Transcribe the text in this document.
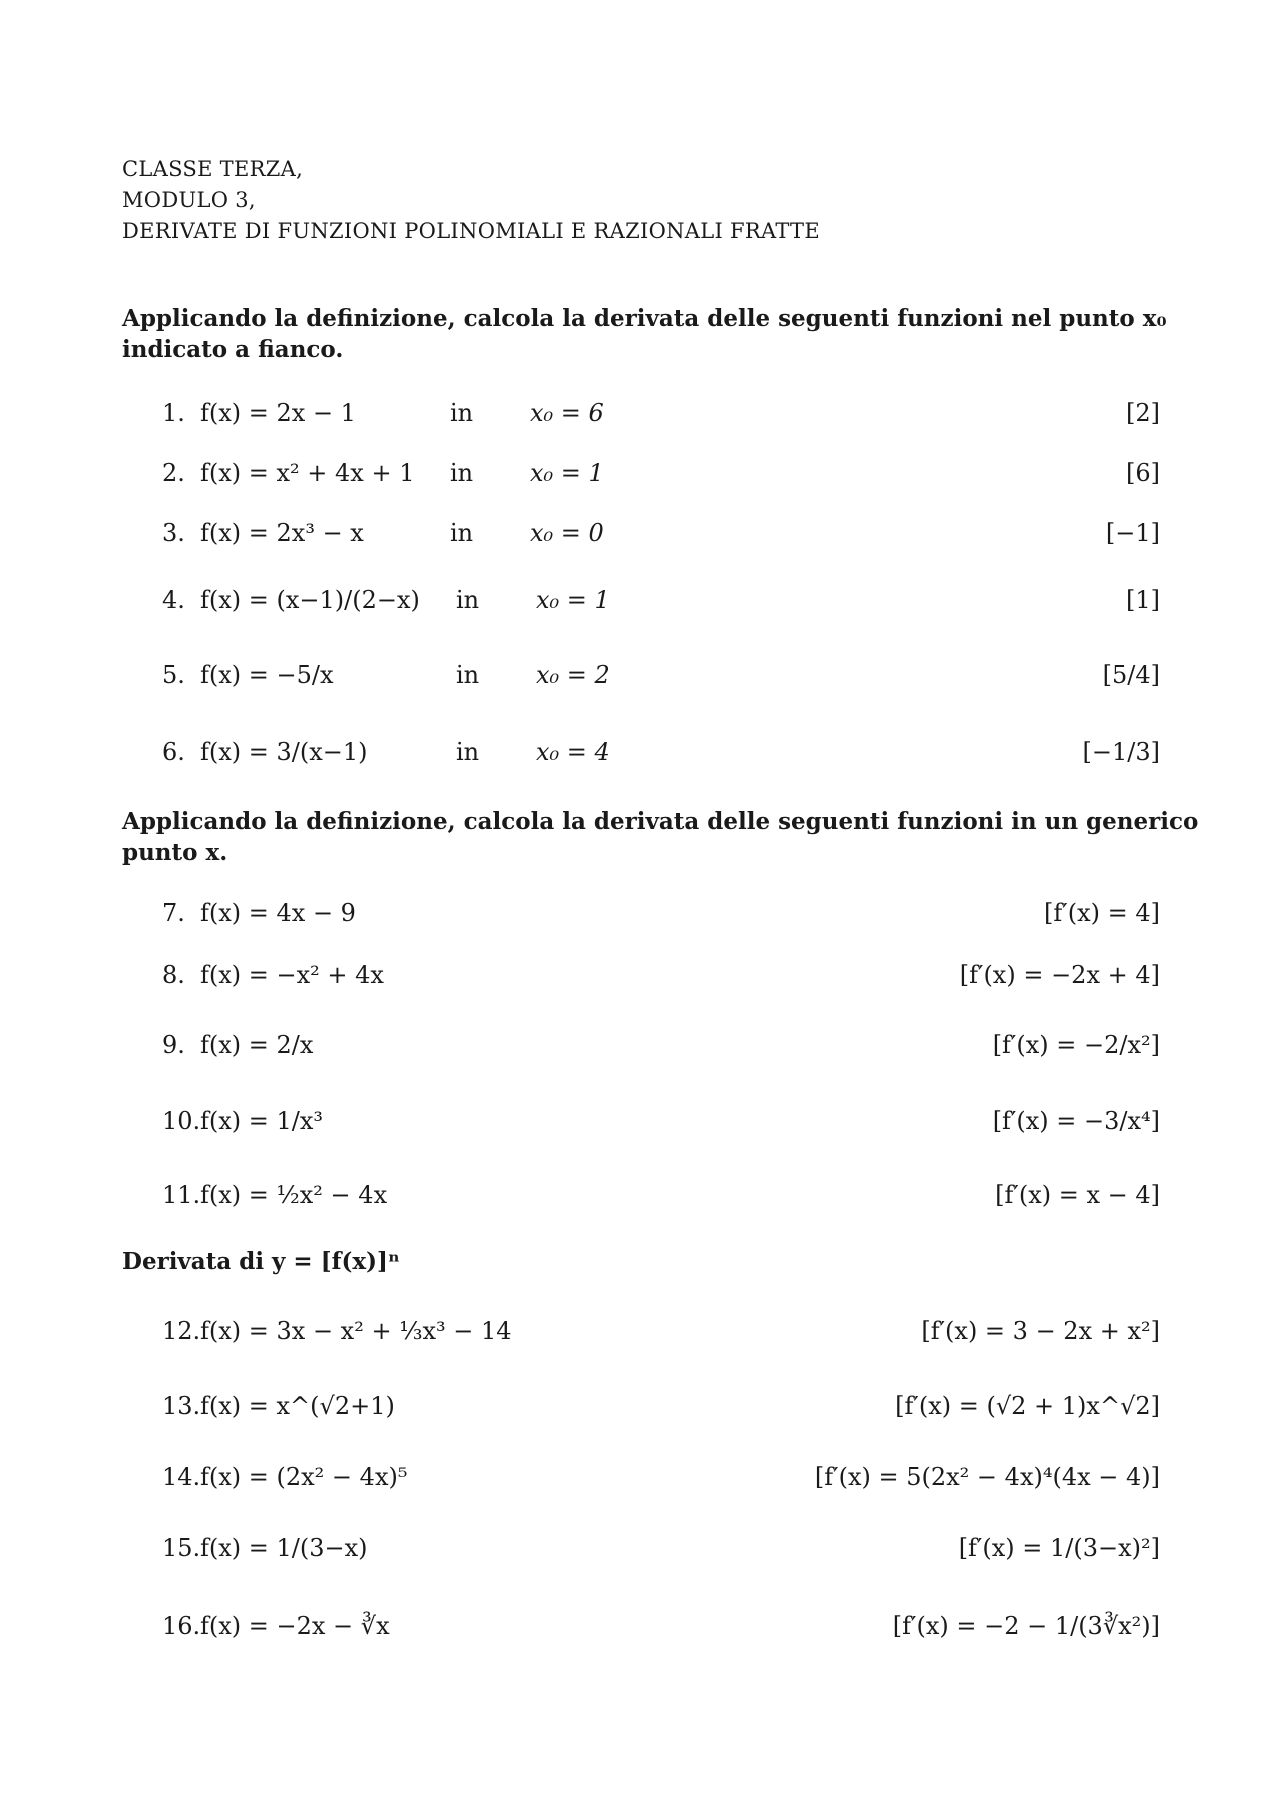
CLASSE TERZA,
MODULO 3,
DERIVATE DI FUNZIONI POLINOMIALI E RAZIONALI FRATTE
Applicando la definizione, calcola la derivata delle seguenti funzioni nel punto x₀
indicato a fianco.
1. f(x) = 2x − 1	in x₀ = 6	[2]
2. f(x) = x² + 4x + 1 in x₀ = 1	[6]
3. f(x) = 2x³ − x	in x₀ = 0	[−1]
4. f(x) = (x−1)/(2−x) in x₀ = 1	[1]
5. f(x) = −5/x	in x₀ = 2	[5/4]
6. f(x) = 3/(x−1)	in x₀ = 4	[−1/3]
Applicando la definizione, calcola la derivata delle seguenti funzioni in un generico
punto x.
7. f(x) = 4x − 9	[f′(x) = 4]
8. f(x) = −x² + 4x	[f′(x) = −2x + 4]
9. f(x) = 2/x	[f′(x) = −2/x²]
10. f(x) = 1/x³	[f′(x) = −3/x⁴]
11. f(x) = ½x² − 4x	[f′(x) = x − 4]
Derivata di y = [f(x)]ⁿ
12. f(x) = 3x − x² + ⅓x³ − 14	[f′(x) = 3 − 2x + x²]
13. f(x) = x^(√2+1)	[f′(x) = (√2 + 1)x^√2]
14. f(x) = (2x² − 4x)⁵	[f′(x) = 5(2x² − 4x)⁴(4x − 4)]
15. f(x) = 1/(3−x)	[f′(x) = 1/(3−x)²]
16. f(x) = −2x − ∛x	[f′(x) = −2 − 1/(3∛x²)]
